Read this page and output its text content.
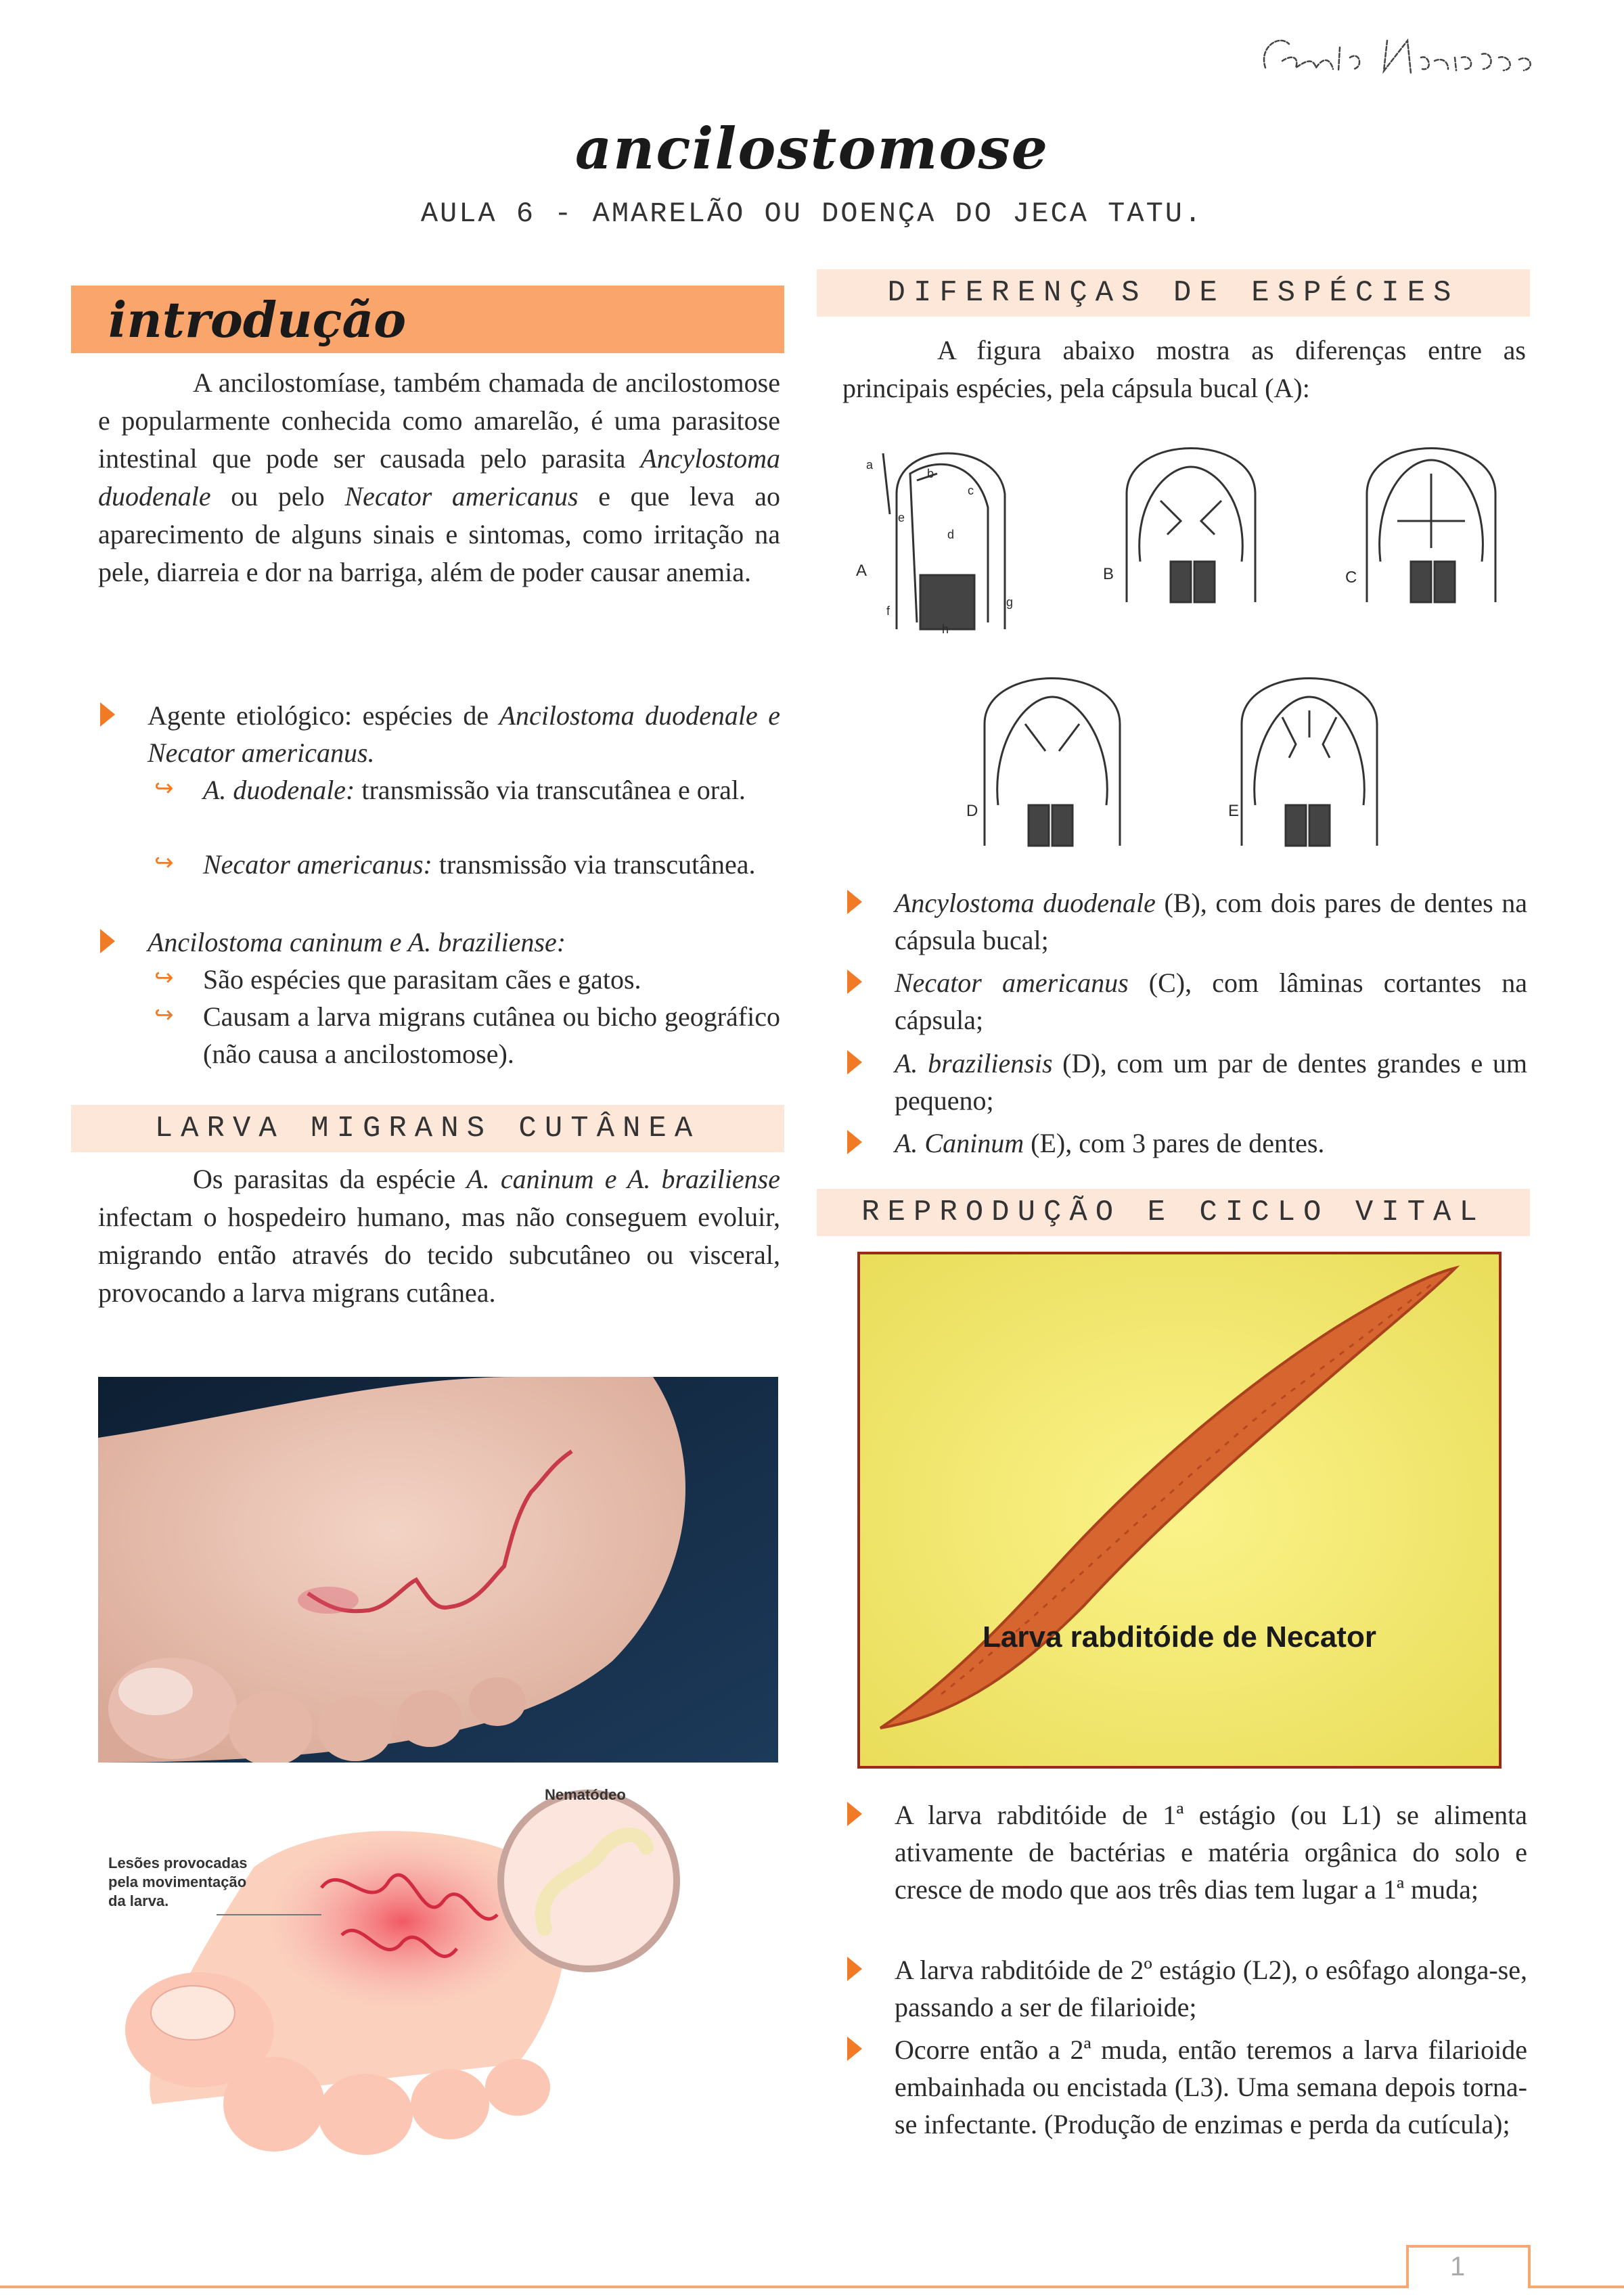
ancilostomose
AULA 6 - AMARELÃO OU DOENÇA DO JECA TATU.
introdução
A ancilostomíase, também chamada de ancilostomose e popularmente conhecida como amarelão, é uma parasitose intestinal que pode ser causada pelo parasita Ancylostoma duodenale ou pelo Necator americanus e que leva ao aparecimento de alguns sinais e sintomas, como irritação na pele, diarreia e dor na barriga, além de poder causar anemia.
Agente etiológico: espécies de Ancilostoma duodenale e Necator americanus.
↪ A. duodenale: transmissão via transcutânea e oral.
↪ Necator americanus: transmissão via transcutânea.
Ancilostoma caninum e A. braziliense:
↪ São espécies que parasitam cães e gatos.
↪ Causam a larva migrans cutânea ou bicho geográfico (não causa a ancilostomose).
LARVA MIGRANS CUTÂNEA
Os parasitas da espécie A. caninum e A. braziliense infectam o hospedeiro humano, mas não conseguem evoluir, migrando então através do tecido subcutâneo ou visceral, provocando a larva migrans cutânea.
Lesões provocadas pela movimentação da larva.
Nematódeo
DIFERENÇAS DE ESPÉCIES
A figura abaixo mostra as diferenças entre as principais espécies, pela cápsula bucal (A):
A	B	C
D	E
a
b
c
d
e
f
g
h
Ancylostoma duodenale (B), com dois pares de dentes na cápsula bucal;
Necator americanus (C), com lâminas cortantes na cápsula;
A. braziliensis (D), com um par de dentes grandes e um pequeno;
A. Caninum (E), com 3 pares de dentes.
REPRODUÇÃO E CICLO VITAL
Larva rabditóide de Necator
A larva rabditóide de 1ª estágio (ou L1) se alimenta ativamente de bactérias e matéria orgânica do solo e cresce de modo que aos três dias tem lugar a 1ª muda;
A larva rabditóide de 2º estágio (L2), o esôfago alonga-se, passando a ser de filarioide;
Ocorre então a 2ª muda, então teremos a larva filarioide embainhada ou encistada (L3). Uma semana depois torna-se infectante. (Produção de enzimas e perda da cutícula);
1
